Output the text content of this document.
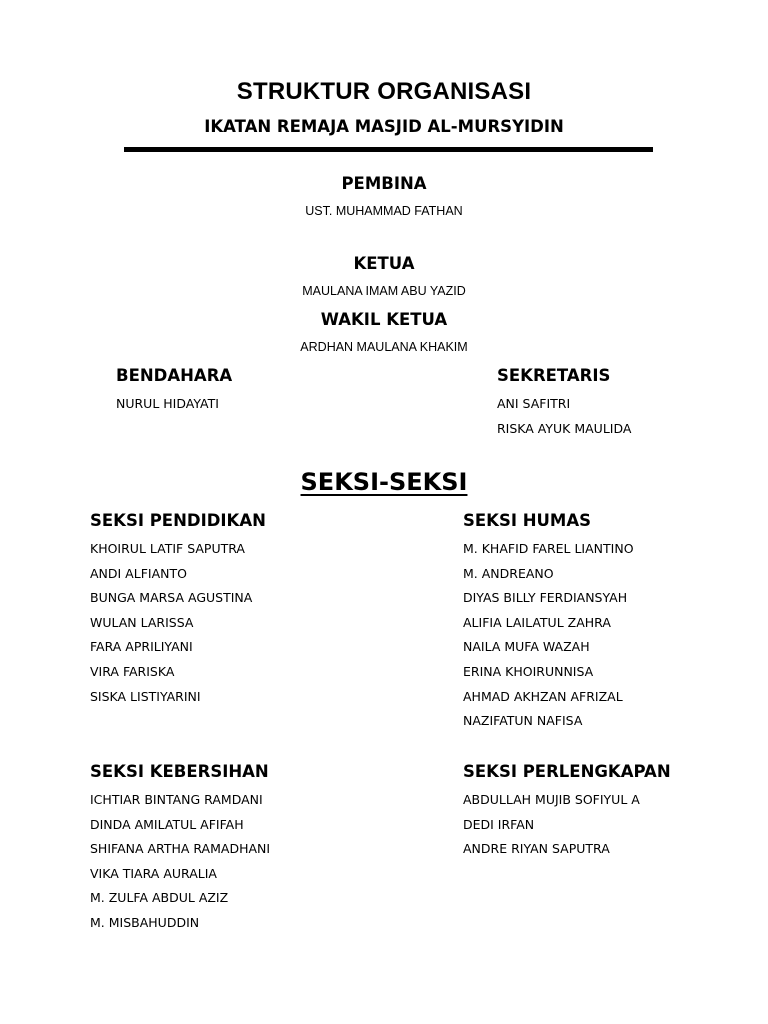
STRUKTUR ORGANISASI
IKATAN REMAJA MASJID AL-MURSYIDIN
PEMBINA
UST. MUHAMMAD FATHAN
KETUA
MAULANA IMAM ABU YAZID
WAKIL KETUA
ARDHAN MAULANA KHAKIM
BENDAHARA
NURUL HIDAYATI
SEKRETARIS
ANI SAFITRI
RISKA AYUK MAULIDA
SEKSI-SEKSI
SEKSI PENDIDIKAN
KHOIRUL LATIF SAPUTRA
ANDI ALFIANTO
BUNGA MARSA AGUSTINA
WULAN LARISSA
FARA APRILIYANI
VIRA FARISKA
SISKA LISTIYARINI
SEKSI HUMAS
M. KHAFID FAREL LIANTINO
M. ANDREANO
DIYAS BILLY FERDIANSYAH
ALIFIA LAILATUL ZAHRA
NAILA MUFA WAZAH
ERINA KHOIRUNNISA
AHMAD AKHZAN AFRIZAL
NAZIFATUN NAFISA
SEKSI KEBERSIHAN
ICHTIAR BINTANG RAMDANI
DINDA AMILATUL AFIFAH
SHIFANA ARTHA RAMADHANI
VIKA TIARA AURALIA
M. ZULFA ABDUL AZIZ
M. MISBAHUDDIN
SEKSI PERLENGKAPAN
ABDULLAH MUJIB SOFIYUL A
DEDI IRFAN
ANDRE RIYAN SAPUTRA
